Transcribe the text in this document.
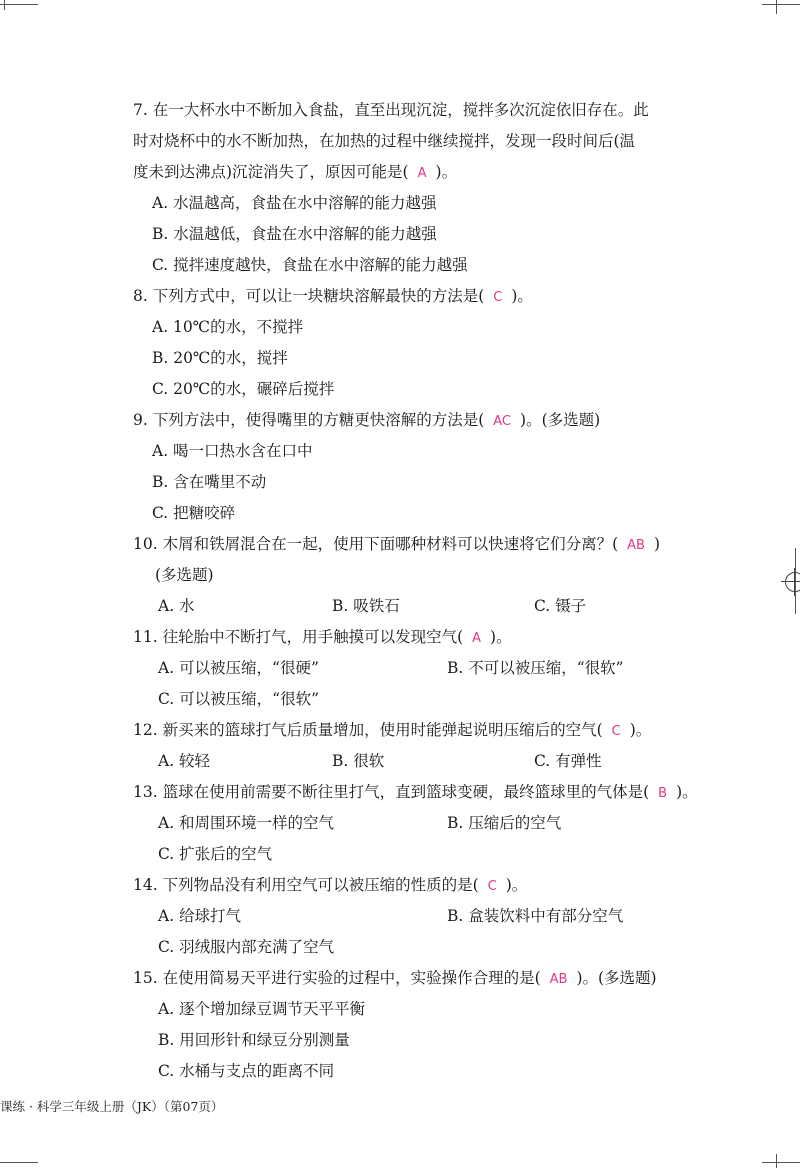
7. 在一大杯水中不断加入食盐，直至出现沉淀，搅拌多次沉淀依旧存在。此
时对烧杯中的水不断加热，在加热的过程中继续搅拌，发现一段时间后(温
度未到达沸点)沉淀消失了，原因可能是( A )。
A. 水温越高，食盐在水中溶解的能力越强
B. 水温越低，食盐在水中溶解的能力越强
C. 搅拌速度越快，食盐在水中溶解的能力越强
8. 下列方式中，可以让一块糖块溶解最快的方法是( C )。
A. 10℃的水，不搅拌
B. 20℃的水，搅拌
C. 20℃的水，碾碎后搅拌
9. 下列方法中，使得嘴里的方糖更快溶解的方法是( AC )。(多选题)
A. 喝一口热水含在口中
B. 含在嘴里不动
C. 把糖咬碎
10. 木屑和铁屑混合在一起，使用下面哪种材料可以快速将它们分离？( AB )
(多选题)
A. 水	B. 吸铁石	C. 镊子
11. 往轮胎中不断打气，用手触摸可以发现空气( A )。
A. 可以被压缩，“很硬”	B. 不可以被压缩，“很软”
C. 可以被压缩，“很软”
12. 新买来的篮球打气后质量增加，使用时能弹起说明压缩后的空气( C )。
A. 较轻	B. 很软	C. 有弹性
13. 篮球在使用前需要不断往里打气，直到篮球变硬，最终篮球里的气体是( B )。
A. 和周围环境一样的空气	B. 压缩后的空气
C. 扩张后的空气
14. 下列物品没有利用空气可以被压缩的性质的是( C )。
A. 给球打气	B. 盒装饮料中有部分空气
C. 羽绒服内部充满了空气
15. 在使用简易天平进行实验的过程中，实验操作合理的是( AB )。(多选题)
A. 逐个增加绿豆调节天平平衡
B. 用回形针和绿豆分别测量
C. 水桶与支点的距离不同
课练 · 科学三年级上册（JK）（第07页）
